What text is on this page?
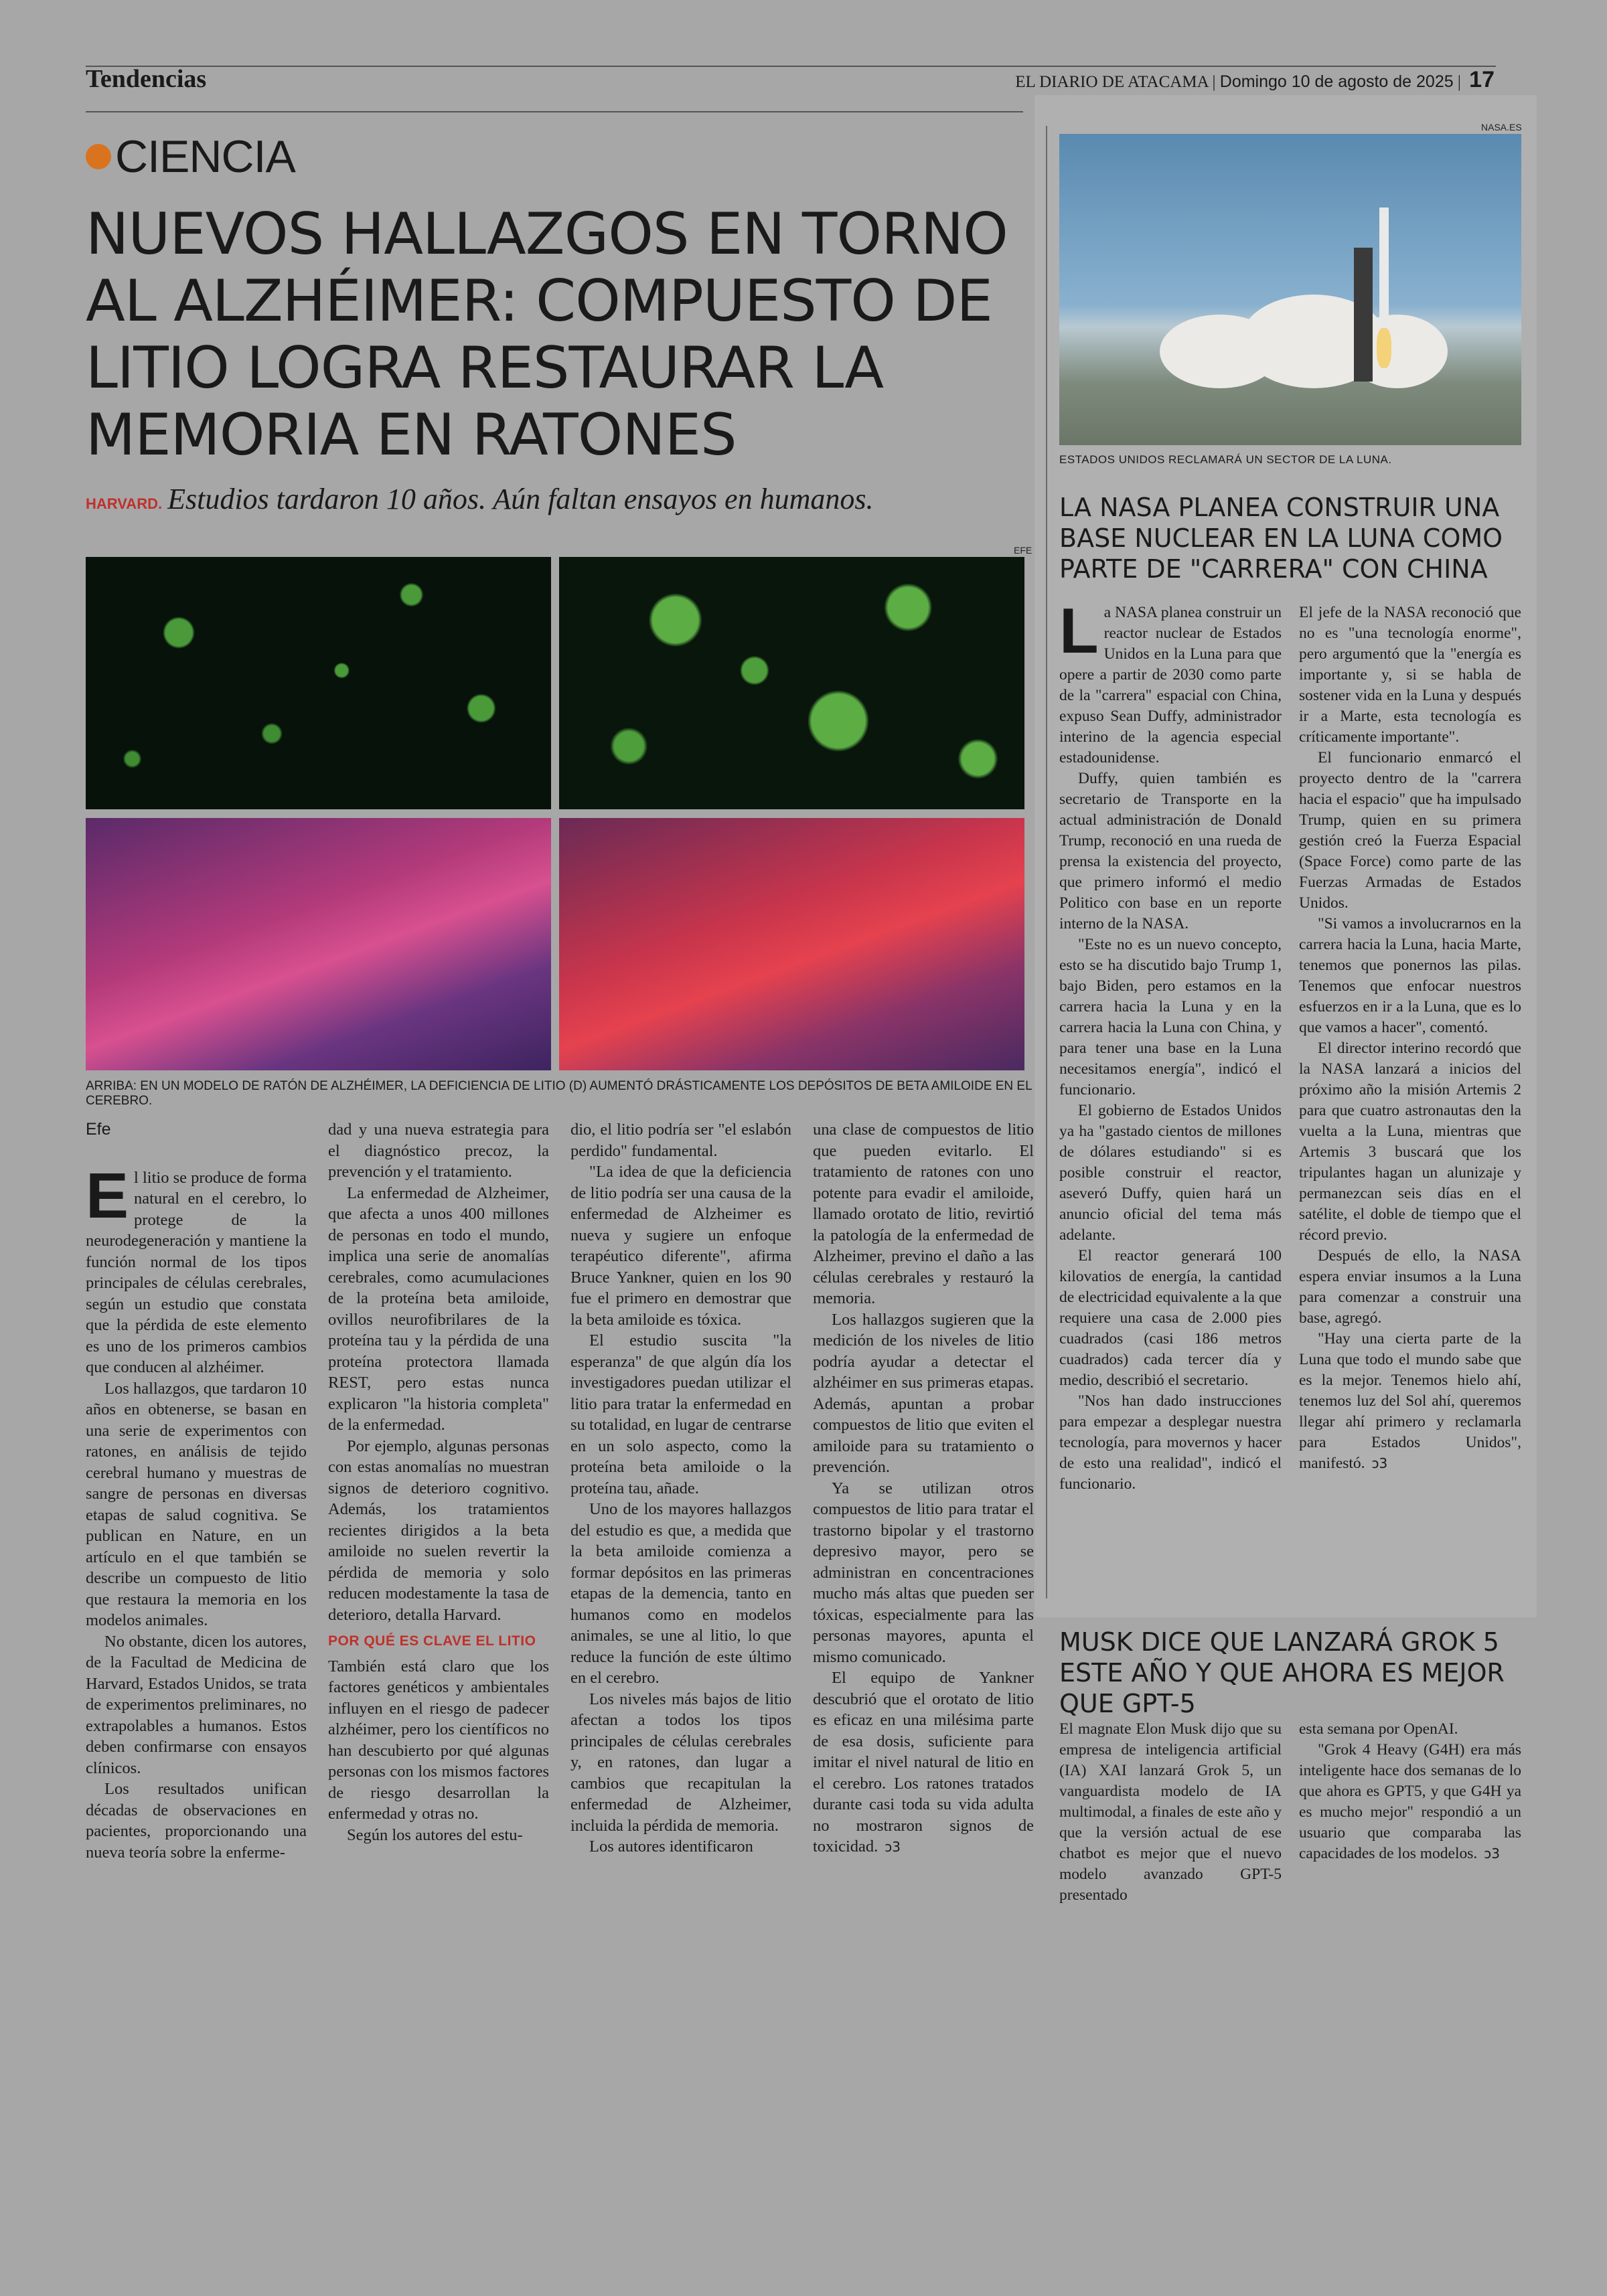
Tendencias	EL DIARIO DE ATACAMA | Domingo 10 de agosto de 2025 | 17
CIENCIA
NUEVOS HALLAZGOS EN TORNO AL ALZHÉIMER: COMPUESTO DE LITIO LOGRA RESTAURAR LA MEMORIA EN RATONES
HARVARD. Estudios tardaron 10 años. Aún faltan ensayos en humanos.
EFE
ARRIBA: EN UN MODELO DE RATÓN DE ALZHÉIMER, LA DEFICIENCIA DE LITIO (D) AUMENTÓ DRÁSTICAMENTE LOS DEPÓSITOS DE BETA AMILOIDE EN EL CEREBRO.

Efe

El litio se produce de forma natural en el cerebro, lo protege de la neurodegeneración y mantiene la función normal de los tipos principales de células cerebrales, según un estudio que constata que la pérdida de este elemento es uno de los primeros cambios que conducen al alzhéimer.

Los hallazgos, que tardaron 10 años en obtenerse, se basan en una serie de experimentos con ratones, en análisis de tejido cerebral humano y muestras de sangre de personas en diversas etapas de salud cognitiva. Se publican en Nature, en un artículo en el que también se describe un compuesto de litio que restaura la memoria en los modelos animales.

No obstante, dicen los autores, de la Facultad de Medicina de Harvard, Estados Unidos, se trata de experimentos preliminares, no extrapolables a humanos. Estos deben confirmarse con ensayos clínicos.

Los resultados unifican décadas de observaciones en pacientes, proporcionando una nueva teoría sobre la enferme-

dad y una nueva estrategia para el diagnóstico precoz, la prevención y el tratamiento.

La enfermedad de Alzheimer, que afecta a unos 400 millones de personas en todo el mundo, implica una serie de anomalías cerebrales, como acumulaciones de la proteína beta amiloide, ovillos neurofibrilares de la proteína tau y la pérdida de una proteína protectora llamada REST, pero estas nunca explicaron "la historia completa" de la enfermedad.

Por ejemplo, algunas personas con estas anomalías no muestran signos de deterioro cognitivo. Además, los tratamientos recientes dirigidos a la beta amiloide no suelen revertir la pérdida de memoria y solo reducen modestamente la tasa de deterioro, detalla Harvard.

POR QUÉ ES CLAVE EL LITIO

También está claro que los factores genéticos y ambientales influyen en el riesgo de padecer alzhéimer, pero los científicos no han descubierto por qué algunas personas con los mismos factores de riesgo desarrollan la enfermedad y otras no.

Según los autores del estu-

dio, el litio podría ser "el eslabón perdido" fundamental.

"La idea de que la deficiencia de litio podría ser una causa de la enfermedad de Alzheimer es nueva y sugiere un enfoque terapéutico diferente", afirma Bruce Yankner, quien en los 90 fue el primero en demostrar que la beta amiloide es tóxica.

El estudio suscita "la esperanza" de que algún día los investigadores puedan utilizar el litio para tratar la enfermedad en su totalidad, en lugar de centrarse en un solo aspecto, como la proteína beta amiloide o la proteína tau, añade.

Uno de los mayores hallazgos del estudio es que, a medida que la beta amiloide comienza a formar depósitos en las primeras etapas de la demencia, tanto en humanos como en modelos animales, se une al litio, lo que reduce la función de este último en el cerebro.

Los niveles más bajos de litio afectan a todos los tipos principales de células cerebrales y, en ratones, dan lugar a cambios que recapitulan la enfermedad de Alzheimer, incluida la pérdida de memoria.

Los autores identificaron

una clase de compuestos de litio que pueden evitarlo. El tratamiento de ratones con uno potente para evadir el amiloide, llamado orotato de litio, revirtió la patología de la enfermedad de Alzheimer, previno el daño a las células cerebrales y restauró la memoria.

Los hallazgos sugieren que la medición de los niveles de litio podría ayudar a detectar el alzhéimer en sus primeras etapas. Además, apuntan a probar compuestos de litio que eviten el amiloide para su tratamiento o prevención.

Ya se utilizan otros compuestos de litio para tratar el trastorno bipolar y el trastorno depresivo mayor, pero se administran en concentraciones mucho más altas que pueden ser tóxicas, especialmente para las personas mayores, apunta el mismo comunicado.

El equipo de Yankner descubrió que el orotato de litio es eficaz en una milésima parte de esa dosis, suficiente para imitar el nivel natural de litio en el cerebro. Los ratones tratados durante casi toda su vida adulta no mostraron signos de toxicidad. ↄ3

NASA.ES
ESTADOS UNIDOS RECLAMARÁ UN SECTOR DE LA LUNA.
LA NASA PLANEA CONSTRUIR UNA BASE NUCLEAR EN LA LUNA COMO PARTE DE "CARRERA" CON CHINA

La NASA planea construir un reactor nuclear de Estados Unidos en la Luna para que opere a partir de 2030 como parte de la "carrera" espacial con China, expuso Sean Duffy, administrador interino de la agencia especial estadounidense.

Duffy, quien también es secretario de Transporte en la actual administración de Donald Trump, reconoció en una rueda de prensa la existencia del proyecto, que primero informó el medio Politico con base en un reporte interno de la NASA.

"Este no es un nuevo concepto, esto se ha discutido bajo Trump 1, bajo Biden, pero estamos en la carrera hacia la Luna y en la carrera hacia la Luna con China, y para tener una base en la Luna necesitamos energía", indicó el funcionario.

El gobierno de Estados Unidos ya ha "gastado cientos de millones de dólares estudiando" si es posible construir el reactor, aseveró Duffy, quien hará un anuncio oficial del tema más adelante.

El reactor generará 100 kilovatios de energía, la cantidad de electricidad equivalente a la que requiere una casa de 2.000 pies cuadrados (casi 186 metros cuadrados) cada tercer día y medio, describió el secretario.

"Nos han dado instrucciones para empezar a desplegar nuestra tecnología, para movernos y hacer de esto una realidad", indicó el funcionario.

El jefe de la NASA reconoció que no es "una tecnología enorme", pero argumentó que la "energía es importante y, si se habla de sostener vida en la Luna y después ir a Marte, esta tecnología es críticamente importante".

El funcionario enmarcó el proyecto dentro de la "carrera hacia el espacio" que ha impulsado Trump, quien en su primera gestión creó la Fuerza Espacial (Space Force) como parte de las Fuerzas Armadas de Estados Unidos.

"Si vamos a involucrarnos en la carrera hacia la Luna, hacia Marte, tenemos que ponernos las pilas. Tenemos que enfocar nuestros esfuerzos en ir a la Luna, que es lo que vamos a hacer", comentó.

El director interino recordó que la NASA lanzará a inicios del próximo año la misión Artemis 2 para que cuatro astronautas den la vuelta a la Luna, mientras que Artemis 3 buscará que los tripulantes hagan un alunizaje y permanezcan seis días en el satélite, el doble de tiempo que el récord previo.

Después de ello, la NASA espera enviar insumos a la Luna para comenzar a construir una base, agregó.

"Hay una cierta parte de la Luna que todo el mundo sabe que es la mejor. Tenemos hielo ahí, tenemos luz del Sol ahí, queremos llegar ahí primero y reclamarla para Estados Unidos", manifestó. ↄ3

MUSK DICE QUE LANZARÁ GROK 5 ESTE AÑO Y QUE AHORA ES MEJOR QUE GPT-5

El magnate Elon Musk dijo que su empresa de inteligencia artificial (IA) XAI lanzará Grok 5, un vanguardista modelo de IA multimodal, a finales de este año y que la versión actual de ese chatbot es mejor que el nuevo modelo avanzado GPT-5 presentado

esta semana por OpenAI.

"Grok 4 Heavy (G4H) era más inteligente hace dos semanas de lo que ahora es GPT5, y que G4H ya es mucho mejor" respondió a un usuario que comparaba las capacidades de los modelos. ↄ3
